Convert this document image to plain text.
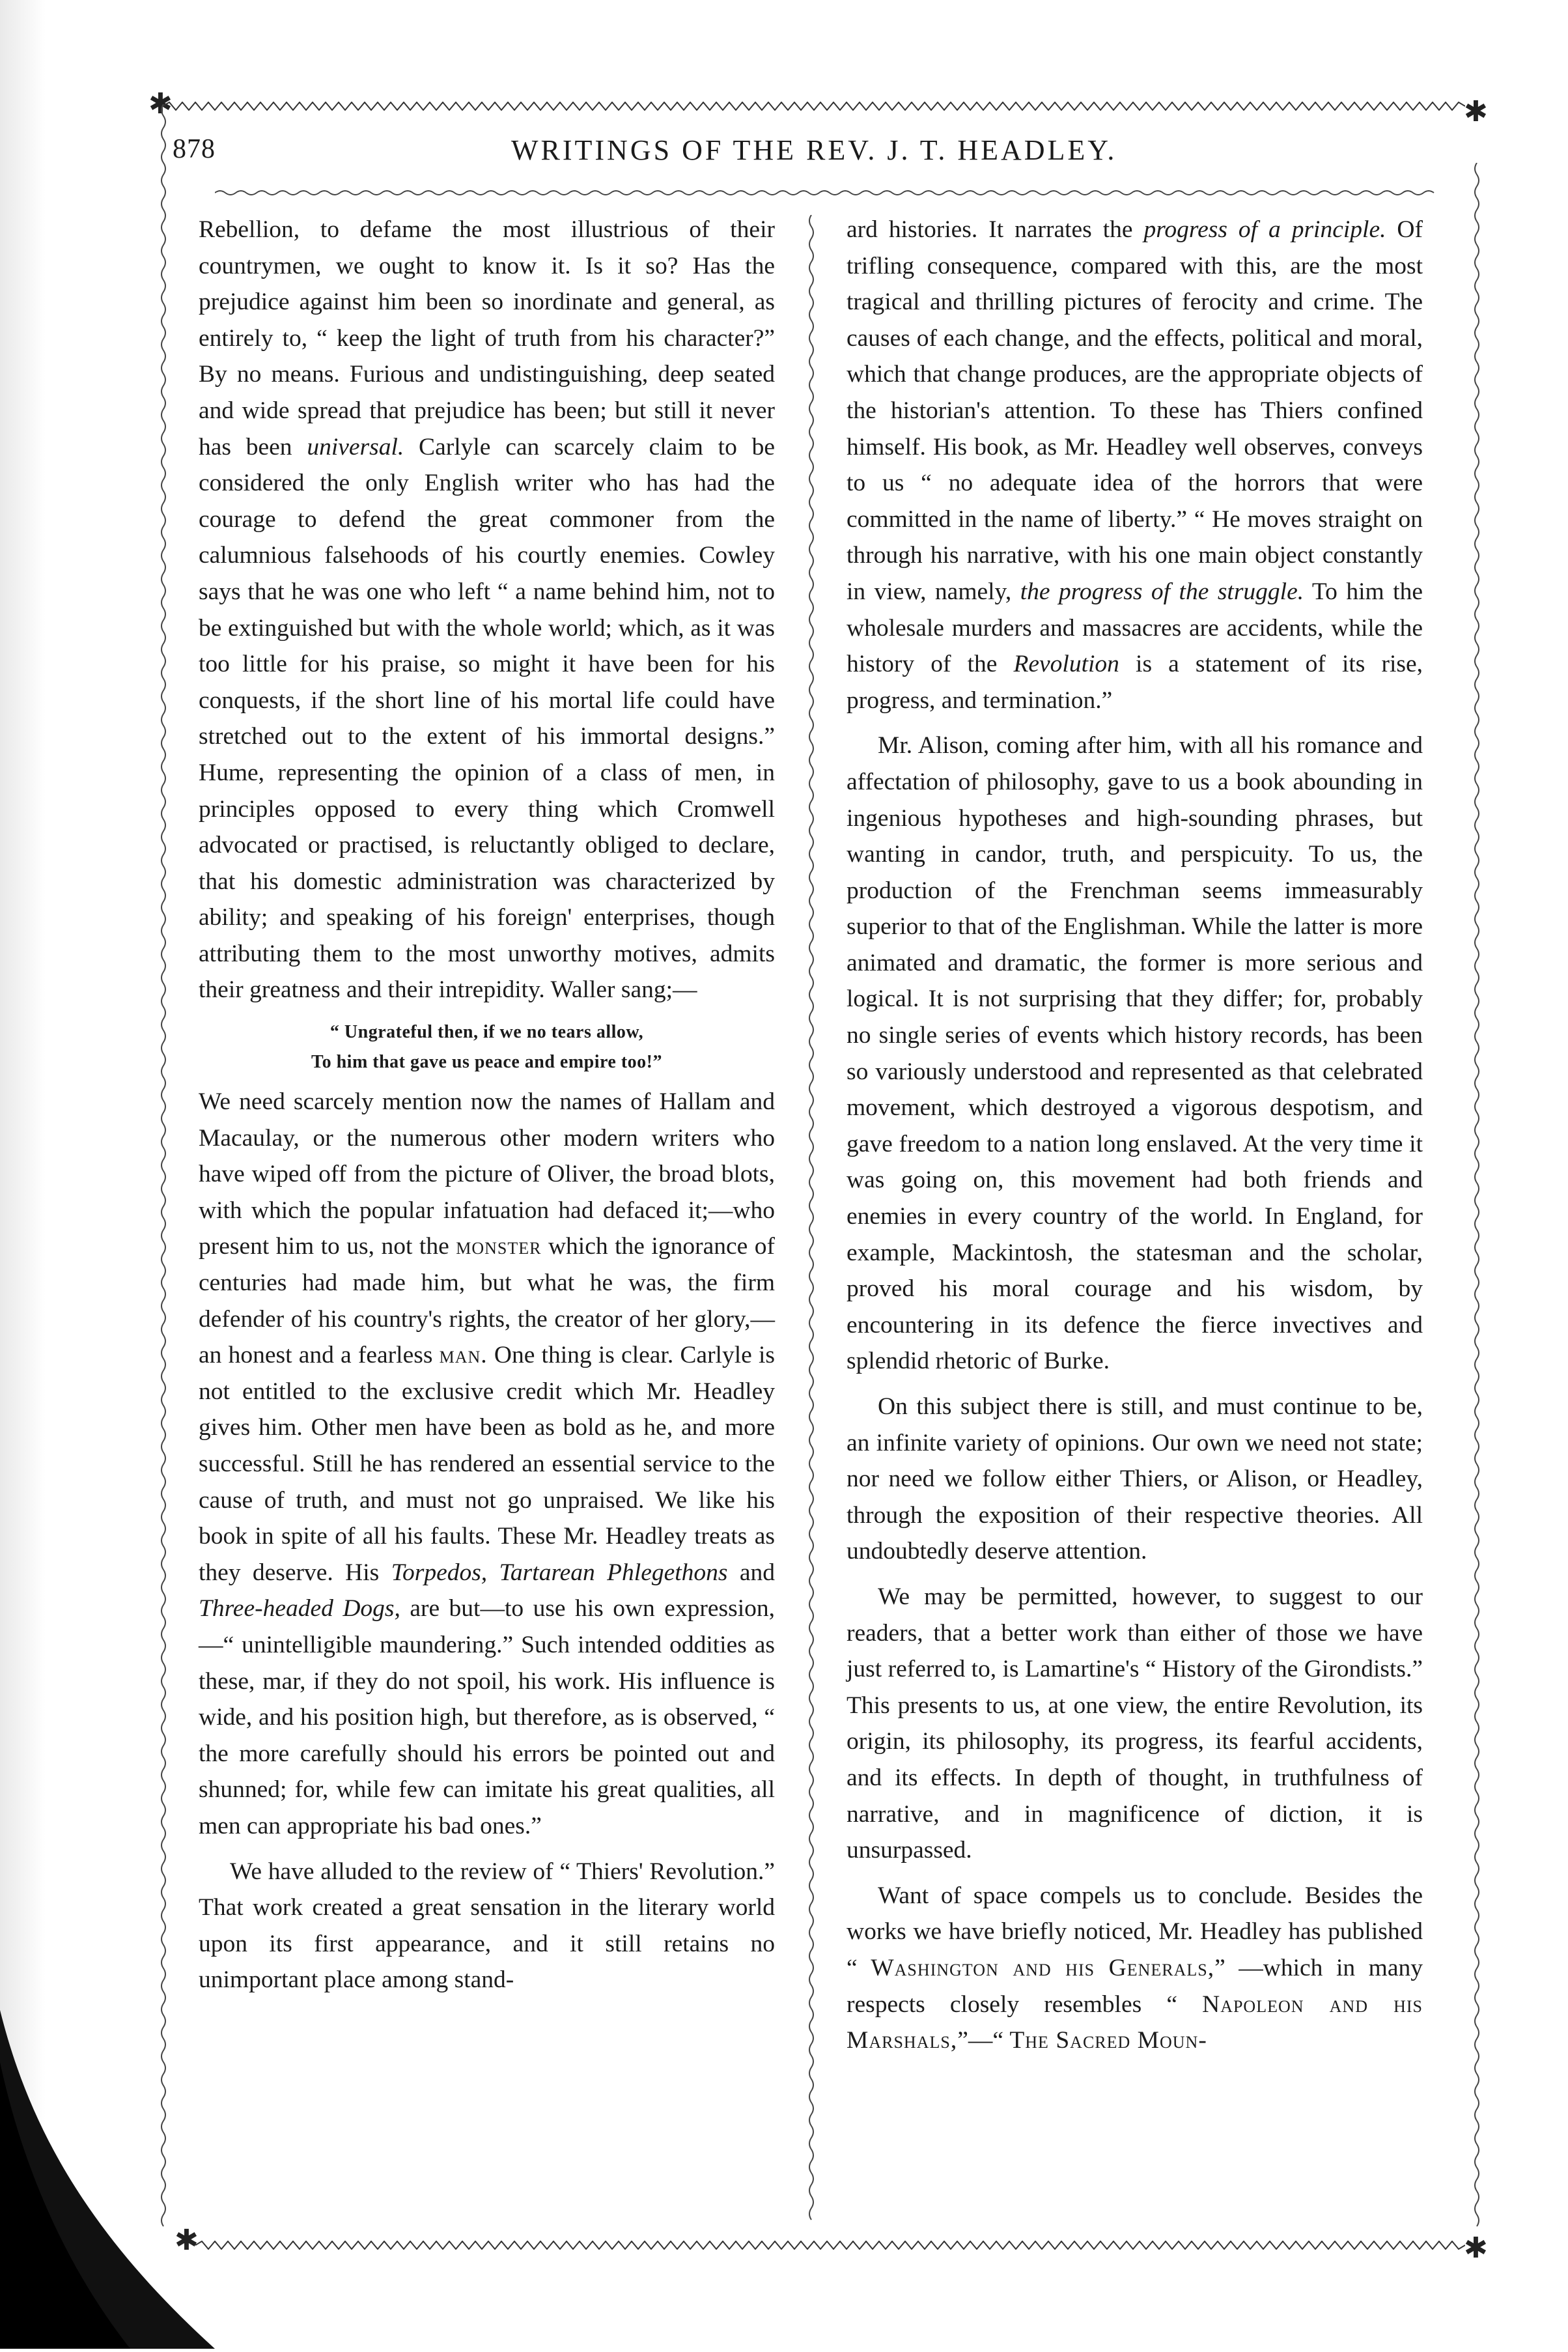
✱	✱
878	WRITINGS OF THE REV. J. T. HEADLEY.

Rebellion, to defame the most illustrious of their countrymen, we ought to know it. Is it so? Has the prejudice against him been so inordinate and general, as entirely to, “ keep the light of truth from his character?” By no means. Furious and undistinguishing, deep seated and wide spread that prejudice has been; but still it never has been universal. Carlyle can scarcely claim to be considered the only English writer who has had the courage to defend the great commoner from the calumnious falsehoods of his courtly enemies. Cowley says that he was one who left “ a name behind him, not to be extinguished but with the whole world; which, as it was too little for his praise, so might it have been for his conquests, if the short line of his mortal life could have stretched out to the extent of his immortal designs.” Hume, representing the opinion of a class of men, in principles opposed to every thing which Cromwell advocated or practised, is reluctantly obliged to declare, that his domestic administration was characterized by ability; and speaking of his foreign' enterprises, though attributing them to the most unworthy motives, admits their greatness and their intrepidity. Waller sang;—

“ Ungrateful then, if we no tears allow,
To him that gave us peace and empire too!”

We need scarcely mention now the names of Hallam and Macaulay, or the numerous other modern writers who have wiped off from the picture of Oliver, the broad blots, with which the popular infatuation had defaced it;—who present him to us, not the monster which the ignorance of centuries had made him, but what he was, the firm defender of his country's rights, the creator of her glory,—an honest and a fearless man. One thing is clear. Carlyle is not entitled to the exclusive credit which Mr. Headley gives him. Other men have been as bold as he, and more successful. Still he has rendered an essential service to the cause of truth, and must not go unpraised. We like his book in spite of all his faults. These Mr. Headley treats as they deserve. His Torpedos, Tartarean Phlegethons and Three-headed Dogs, are but—to use his own expression,—“ unintelligible maundering.” Such intended oddities as these, mar, if they do not spoil, his work. His influence is wide, and his position high, but therefore, as is observed, “ the more carefully should his errors be pointed out and shunned; for, while few can imitate his great qualities, all men can appropriate his bad ones.”

We have alluded to the review of “ Thiers' Revolution.” That work created a great sensation in the literary world upon its first appearance, and it still retains no unimportant place among stand-

ard histories. It narrates the progress of a principle. Of trifling consequence, compared with this, are the most tragical and thrilling pictures of ferocity and crime. The causes of each change, and the effects, political and moral, which that change produces, are the appropriate objects of the historian's attention. To these has Thiers confined himself. His book, as Mr. Headley well observes, conveys to us “ no adequate idea of the horrors that were committed in the name of liberty.” “ He moves straight on through his narrative, with his one main object constantly in view, namely, the progress of the struggle. To him the wholesale murders and massacres are accidents, while the history of the Revolution is a statement of its rise, progress, and termination.”

Mr. Alison, coming after him, with all his romance and affectation of philosophy, gave to us a book abounding in ingenious hypotheses and high-sounding phrases, but wanting in candor, truth, and perspicuity. To us, the production of the Frenchman seems immeasurably superior to that of the Englishman. While the latter is more animated and dramatic, the former is more serious and logical. It is not surprising that they differ; for, probably no single series of events which history records, has been so variously understood and represented as that celebrated movement, which destroyed a vigorous despotism, and gave freedom to a nation long enslaved. At the very time it was going on, this movement had both friends and enemies in every country of the world. In England, for example, Mackintosh, the statesman and the scholar, proved his moral courage and his wisdom, by encountering in its defence the fierce invectives and splendid rhetoric of Burke.

On this subject there is still, and must continue to be, an infinite variety of opinions. Our own we need not state; nor need we follow either Thiers, or Alison, or Headley, through the exposition of their respective theories. All undoubtedly deserve attention.

We may be permitted, however, to suggest to our readers, that a better work than either of those we have just referred to, is Lamartine's “ History of the Girondists.” This presents to us, at one view, the entire Revolution, its origin, its philosophy, its progress, its fearful accidents, and its effects. In depth of thought, in truthfulness of narrative, and in magnificence of diction, it is unsurpassed.

Want of space compels us to conclude. Besides the works we have briefly noticed, Mr. Headley has published “ Washington and his Generals,” —which in many respects closely resembles “ Napoleon and his Marshals,”—“ The Sacred Moun-

✱	✱
